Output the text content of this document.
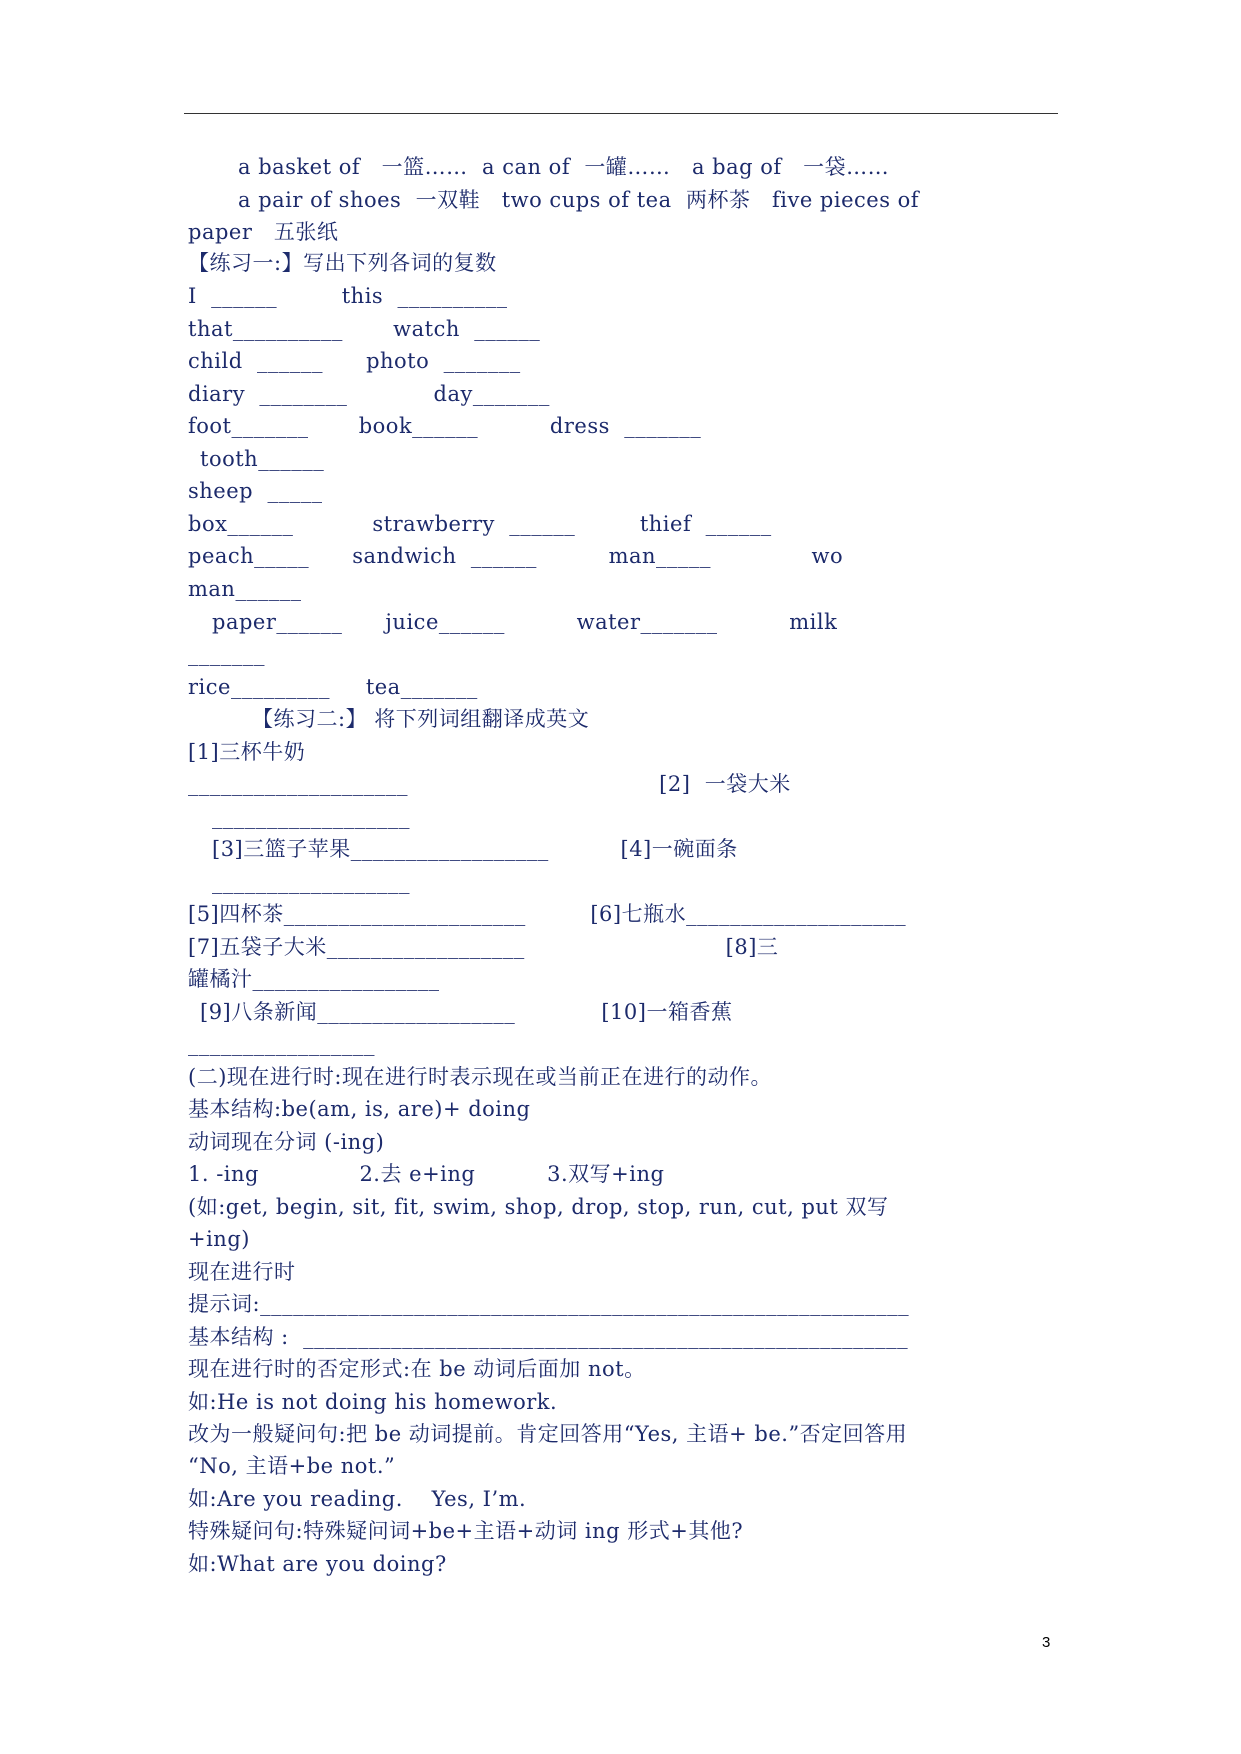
a basket of   一篮……  a can of  一罐……   a bag of   一袋……
a pair of shoes  一双鞋   two cups of tea  两杯茶   five pieces of
paper   五张纸
【练习一:】写出下列各词的复数
I  ______         this  __________
that__________       watch  ______
child  ______      photo  _______
diary  ________            day_______
foot_______       book______          dress  _______
tooth______
sheep  _____
box______           strawberry  ______         thief  ______
peach_____      sandwich  ______          man_____              wo
man______
paper______      juice______          water_______          milk
_______
rice_________     tea_______
【练习二:】 将下列词组翻译成英文
[1]三杯牛奶
____________________                                   [2]  一袋大米
__________________
[3]三篮子苹果__________________          [4]一碗面条
__________________
[5]四杯茶______________________         [6]七瓶水____________________
[7]五袋子大米__________________                            [8]三
罐橘汁_________________
[9]八条新闻__________________            [10]一箱香蕉
_________________
(二)现在进行时:现在进行时表示现在或当前正在进行的动作。
基本结构:be(am, is, are)+ doing
动词现在分词 (-ing)
1. -ing              2.去 e+ing          3.双写+ing
(如:get, begin, sit, fit, swim, shop, drop, stop, run, cut, put 双写
+ing)
现在进行时
提示词:___________________________________________________________
基本结构 :  _______________________________________________________
现在进行时的否定形式:在 be 动词后面加 not。
如:He is not doing his homework.
改为一般疑问句:把 be 动词提前。肯定回答用“Yes, 主语+ be.”否定回答用
“No, 主语+be not.”
如:Are you reading.    Yes, I’m.
特殊疑问句:特殊疑问词+be+主语+动词 ing 形式+其他?
如:What are you doing?
3
